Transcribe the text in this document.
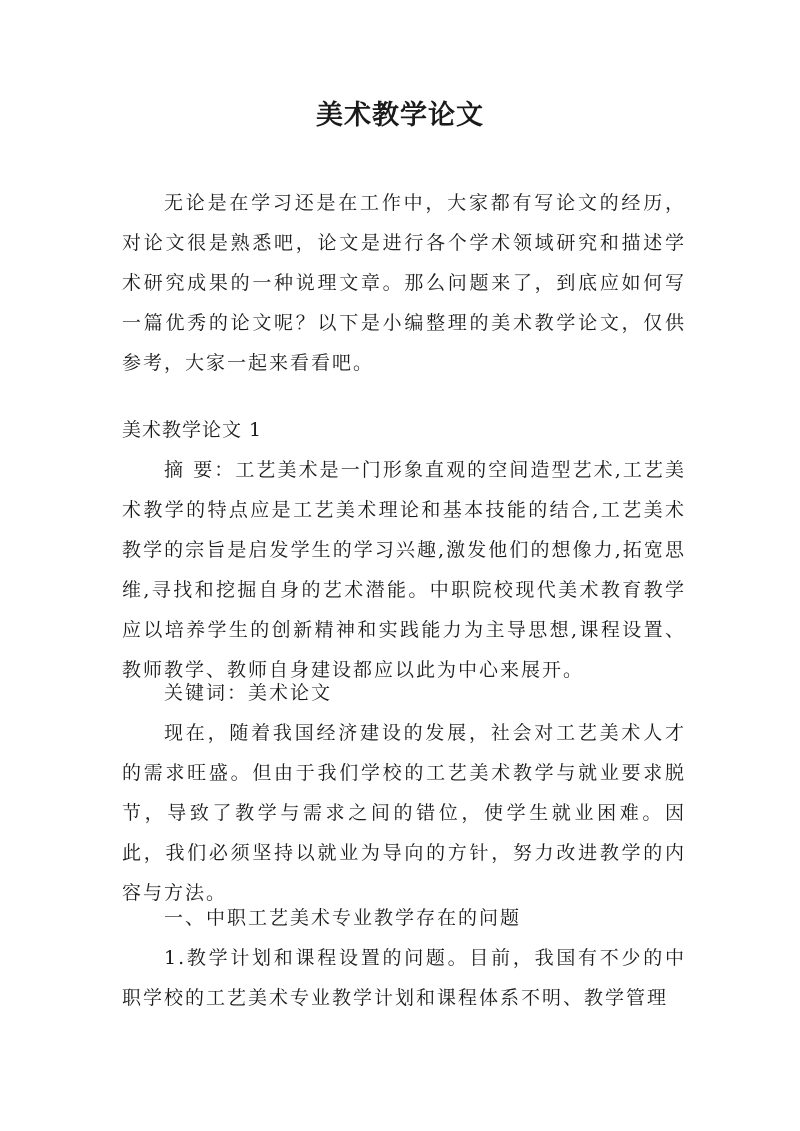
美术教学论文

无论是在学习还是在工作中，大家都有写论文的经历，对论文很是熟悉吧，论文是进行各个学术领域研究和描述学术研究成果的一种说理文章。那么问题来了，到底应如何写一篇优秀的论文呢？以下是小编整理的美术教学论文，仅供参考，大家一起来看看吧。

美术教学论文 1

摘 要：工艺美术是一门形象直观的空间造型艺术,工艺美术教学的特点应是工艺美术理论和基本技能的结合,工艺美术教学的宗旨是启发学生的学习兴趣,激发他们的想像力,拓宽思维,寻找和挖掘自身的艺术潜能。中职院校现代美术教育教学应以培养学生的创新精神和实践能力为主导思想,课程设置、教师教学、教师自身建设都应以此为中心来展开。

关键词：美术论文

现在，随着我国经济建设的发展，社会对工艺美术人才的需求旺盛。但由于我们学校的工艺美术教学与就业要求脱节，导致了教学与需求之间的错位，使学生就业困难。因此，我们必须坚持以就业为导向的方针，努力改进教学的内容与方法。

一、中职工艺美术专业教学存在的问题

1.教学计划和课程设置的问题。目前，我国有不少的中职学校的工艺美术专业教学计划和课程体系不明、教学管理
